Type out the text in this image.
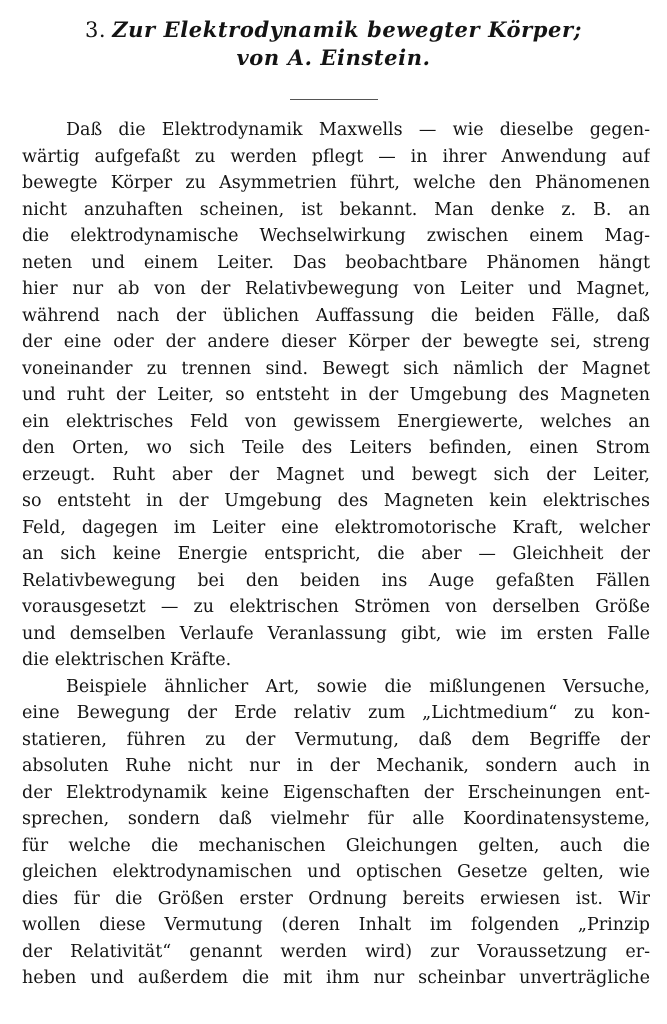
3. Zur Elektrodynamik bewegter Körper;
von A. Einstein.
Daß die Elektrodynamik Maxwells — wie dieselbe gegen-
wärtig aufgefaßt zu werden pflegt — in ihrer Anwendung auf
bewegte Körper zu Asymmetrien führt, welche den Phänomenen
nicht anzuhaften scheinen, ist bekannt. Man denke z. B. an
die elektrodynamische Wechselwirkung zwischen einem Mag-
neten und einem Leiter. Das beobachtbare Phänomen hängt
hier nur ab von der Relativbewegung von Leiter und Magnet,
während nach der üblichen Auffassung die beiden Fälle, daß
der eine oder der andere dieser Körper der bewegte sei, streng
voneinander zu trennen sind. Bewegt sich nämlich der Magnet
und ruht der Leiter, so entsteht in der Umgebung des Magneten
ein elektrisches Feld von gewissem Energiewerte, welches an
den Orten, wo sich Teile des Leiters befinden, einen Strom
erzeugt. Ruht aber der Magnet und bewegt sich der Leiter,
so entsteht in der Umgebung des Magneten kein elektrisches
Feld, dagegen im Leiter eine elektromotorische Kraft, welcher
an sich keine Energie entspricht, die aber — Gleichheit der
Relativbewegung bei den beiden ins Auge gefaßten Fällen
vorausgesetzt — zu elektrischen Strömen von derselben Größe
und demselben Verlaufe Veranlassung gibt, wie im ersten Falle
die elektrischen Kräfte.
Beispiele ähnlicher Art, sowie die mißlungenen Versuche,
eine Bewegung der Erde relativ zum „Lichtmedium“ zu kon-
statieren, führen zu der Vermutung, daß dem Begriffe der
absoluten Ruhe nicht nur in der Mechanik, sondern auch in
der Elektrodynamik keine Eigenschaften der Erscheinungen ent-
sprechen, sondern daß vielmehr für alle Koordinatensysteme,
für welche die mechanischen Gleichungen gelten, auch die
gleichen elektrodynamischen und optischen Gesetze gelten, wie
dies für die Größen erster Ordnung bereits erwiesen ist. Wir
wollen diese Vermutung (deren Inhalt im folgenden „Prinzip
der Relativität“ genannt werden wird) zur Voraussetzung er-
heben und außerdem die mit ihm nur scheinbar unverträgliche
